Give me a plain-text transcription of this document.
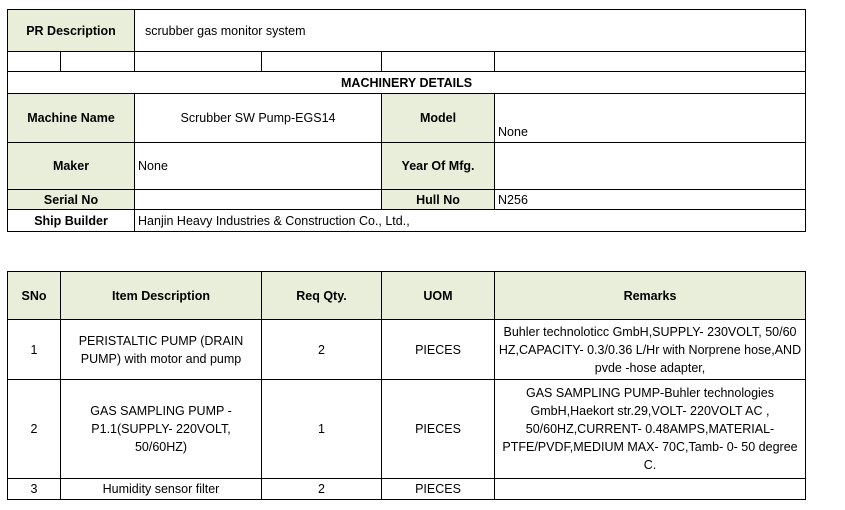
PR Description		scrubber gas monitor system			

MACHINERY DETAILS					
Machine Name		Scrubber SW Pump-EGS14		Model	None
Maker		None		Year Of Mfg.	
Serial No				Hull No	N256
Ship Builder		Hanjin Heavy Industries & Construction Co., Ltd.,			
SNo	Item Description	Req Qty.	UOM	Remarks
1	PERISTALTIC PUMP (DRAIN PUMP) with motor and pump	2	PIECES	Buhler technoloticc GmbH,SUPPLY- 230VOLT, 50/60 HZ,CAPACITY- 0.3/0.36 L/Hr with Norprene hose,AND pvde -hose adapter,
2	GAS SAMPLING PUMP - P1.1(SUPPLY- 220VOLT, 50/60HZ)	1	PIECES	GAS SAMPLING PUMP-Buhler technologies GmbH,Haekort str.29,VOLT- 220VOLT AC , 50/60HZ,CURRENT- 0.48AMPS,MATERIAL- PTFE/PVDF,MEDIUM MAX- 70C,Tamb- 0- 50 degree C.
3	Humidity sensor filter	2	PIECES	
